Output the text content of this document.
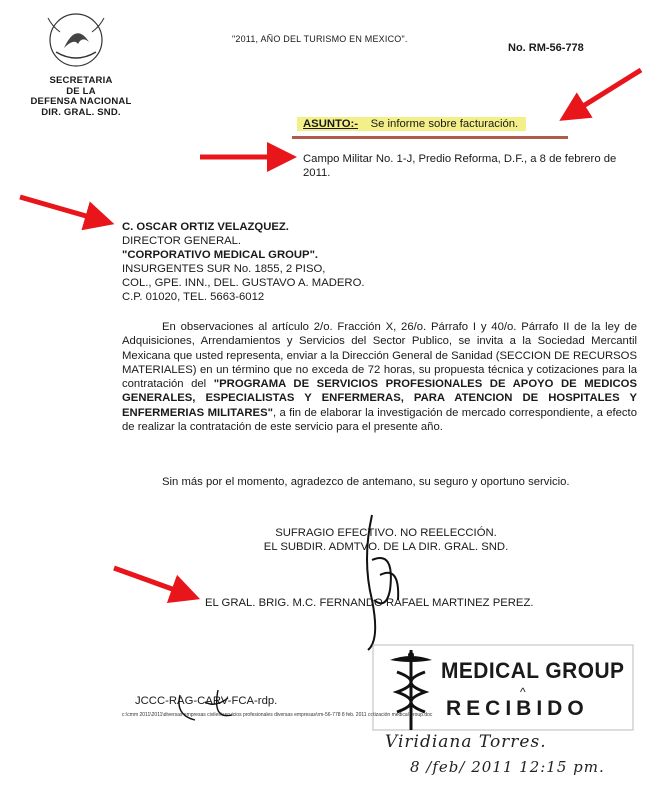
SECRETARIA
DE LA
DEFENSA NACIONAL
DIR. GRAL. SND.
"2011, AÑO DEL TURISMO EN MEXICO".
No. RM-56-778
ASUNTO:- Se informe sobre facturación.
Campo Militar No. 1-J, Predio Reforma, D.F., a 8 de febrero de 2011.
C. OSCAR ORTIZ VELAZQUEZ.
DIRECTOR GENERAL.
"CORPORATIVO MEDICAL GROUP".
INSURGENTES SUR No. 1855, 2 PISO,
COL., GPE. INN., DEL. GUSTAVO A. MADERO.
C.P. 01020, TEL. 5663-6012
En observaciones al artículo 2/o. Fracción X, 26/o. Párrafo I y 40/o. Párrafo II de la ley de Adquisiciones, Arrendamientos y Servicios del Sector Publico, se invita a la Sociedad Mercantil Mexicana que usted representa, enviar a la Dirección General de Sanidad (SECCION DE RECURSOS MATERIALES) en un término que no exceda de 72 horas, su propuesta técnica y cotizaciones para la contratación del "PROGRAMA DE SERVICIOS PROFESIONALES DE APOYO DE MEDICOS GENERALES, ESPECIALISTAS Y ENFERMERAS, PARA ATENCION DE HOSPITALES Y ENFERMERIAS MILITARES", a fin de elaborar la investigación de mercado correspondiente, a efecto de realizar la contratación de este servicio para el presente año.
Sin más por el momento, agradezco de antemano, su seguro y oportuno servicio.
SUFRAGIO EFECTIVO. NO REELECCIÓN.
EL SUBDIR. ADMTVO. DE LA DIR. GRAL. SND.
EL GRAL. BRIG. M.C. FERNANDO RAFAEL MARTINEZ PEREZ.
JCCC-RAG-CARV-FCA-rdp.
c:\cmm 2011\2011\diversas empresas civiles\servicios profesionales diversas empresas\rm-56-778 8 feb. 2011 cotización medical group.doc
MEDICAL GROUP
^
RECIBIDO
Viridiana Torres.
8 /feb/ 2011 12:15 pm.
